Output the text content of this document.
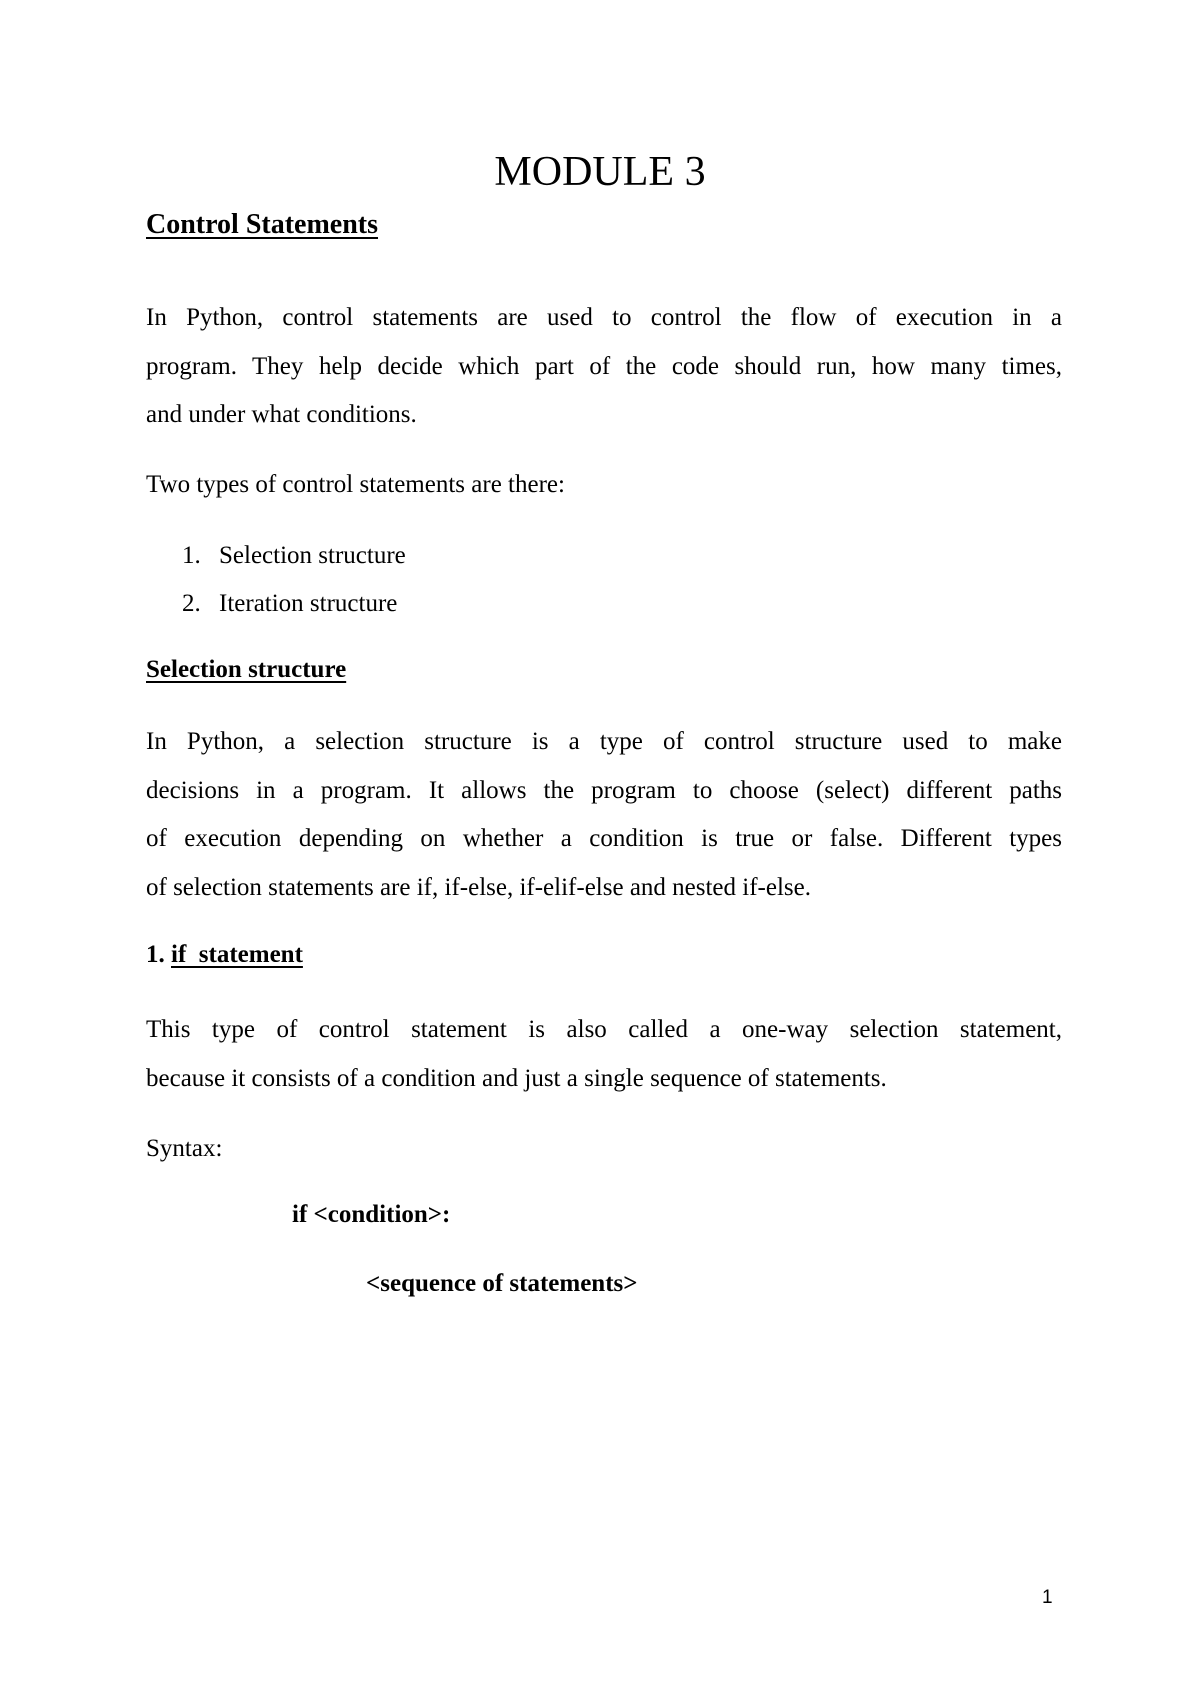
MODULE 3
Control Statements

In Python, control statements are used to control the flow of execution in a
program. They help decide which part of the code should run, how many times,
and under what conditions.

Two types of control statements are there:

1. Selection structure
2. Iteration structure
Selection structure

In Python, a selection structure is a type of control structure used to make
decisions in a program. It allows the program to choose (select) different paths
of execution depending on whether a condition is true or false. Different types
of selection statements are if, if-else, if-elif-else and nested if-else.

1. if  statement

This type of control statement is also called a one-way selection statement,
because it consists of a condition and just a single sequence of statements.

Syntax:

if <condition>:

<sequence of statements>

1
